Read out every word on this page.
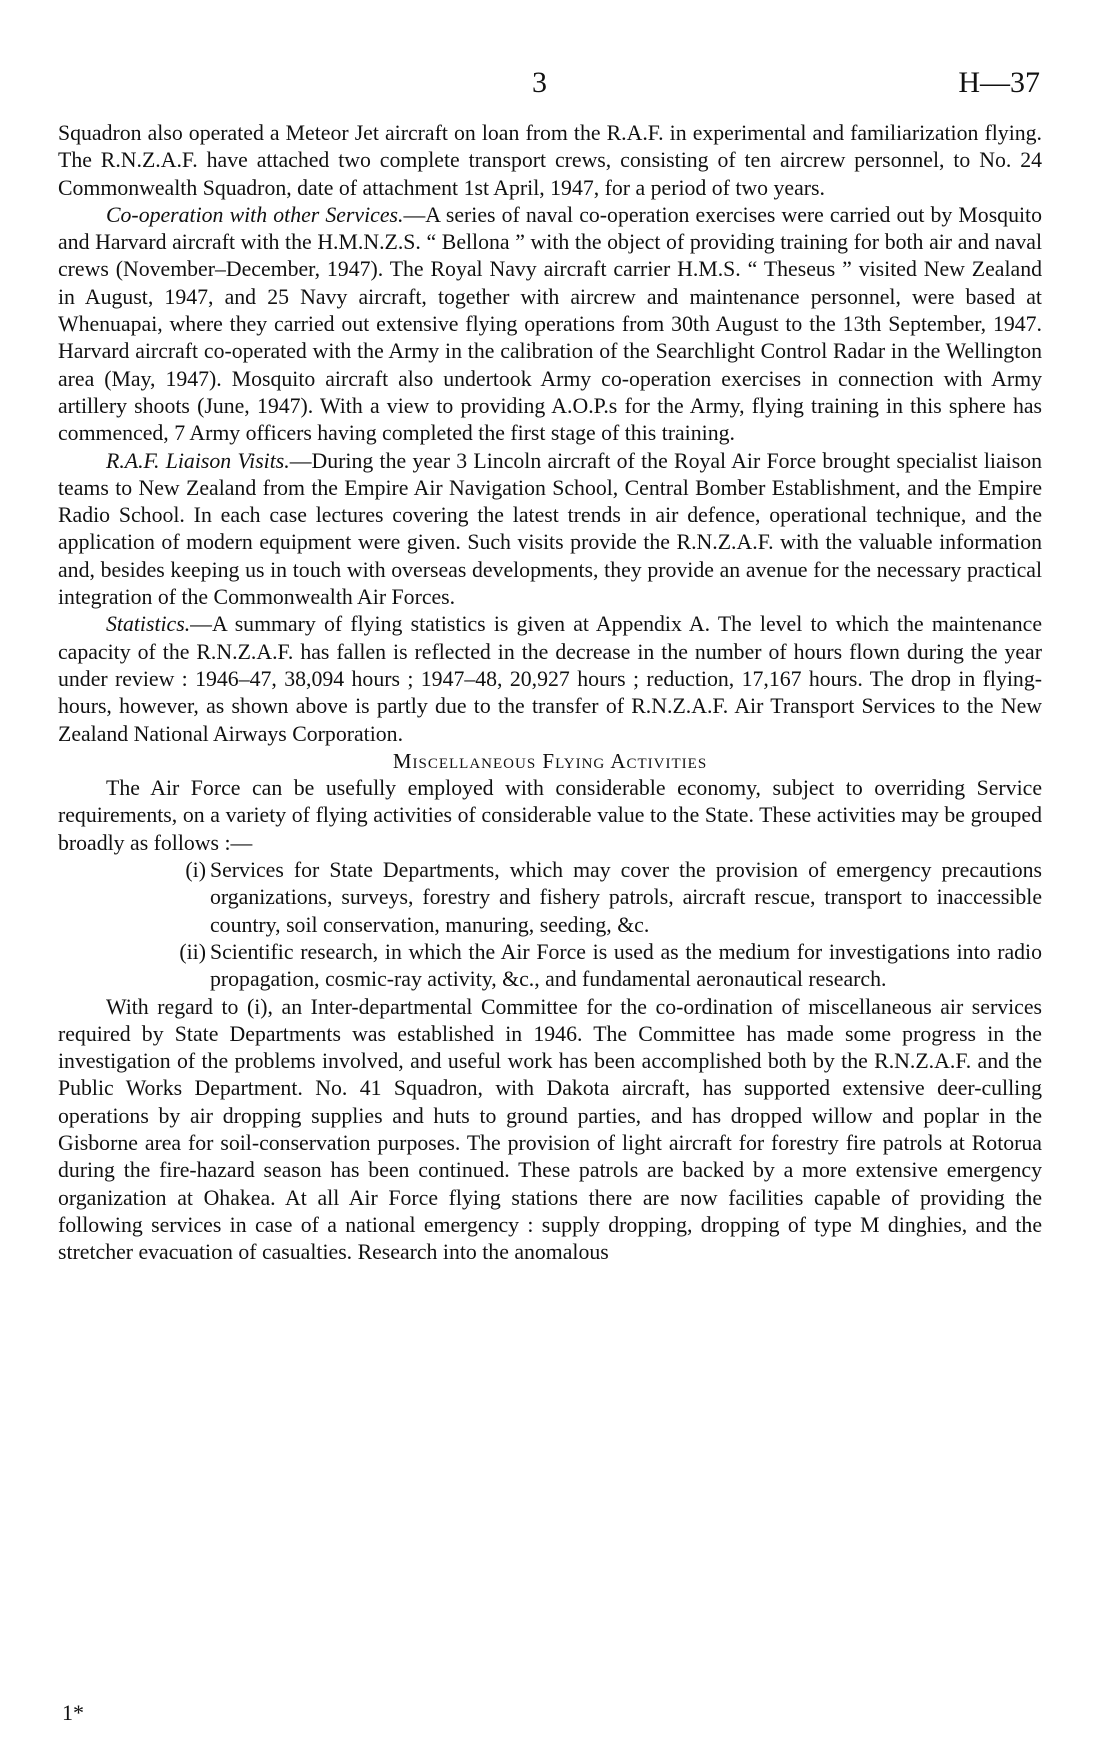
3	H—37

Squadron also operated a Meteor Jet aircraft on loan from the R.A.F. in experimental and familiarization flying. The R.N.Z.A.F. have attached two complete transport crews, consisting of ten aircrew personnel, to No. 24 Commonwealth Squadron, date of attachment 1st April, 1947, for a period of two years.

Co-operation with other Services.—A series of naval co-operation exercises were carried out by Mosquito and Harvard aircraft with the H.M.N.Z.S. “ Bellona ” with the object of providing training for both air and naval crews (November–December, 1947). The Royal Navy aircraft carrier H.M.S. “ Theseus ” visited New Zealand in August, 1947, and 25 Navy aircraft, together with aircrew and maintenance personnel, were based at Whenuapai, where they carried out extensive flying operations from 30th August to the 13th September, 1947. Harvard aircraft co-operated with the Army in the calibration of the Searchlight Control Radar in the Wellington area (May, 1947). Mosquito aircraft also undertook Army co-operation exercises in connection with Army artillery shoots (June, 1947). With a view to providing A.O.P.s for the Army, flying training in this sphere has commenced, 7 Army officers having completed the first stage of this training.

R.A.F. Liaison Visits.—During the year 3 Lincoln aircraft of the Royal Air Force brought specialist liaison teams to New Zealand from the Empire Air Navigation School, Central Bomber Establishment, and the Empire Radio School. In each case lectures covering the latest trends in air defence, operational technique, and the application of modern equipment were given. Such visits provide the R.N.Z.A.F. with the valuable information and, besides keeping us in touch with overseas developments, they provide an avenue for the necessary practical integration of the Commonwealth Air Forces.

Statistics.—A summary of flying statistics is given at Appendix A. The level to which the maintenance capacity of the R.N.Z.A.F. has fallen is reflected in the decrease in the number of hours flown during the year under review : 1946–47, 38,094 hours ; 1947–48, 20,927 hours ; reduction, 17,167 hours. The drop in flying-hours, however, as shown above is partly due to the transfer of R.N.Z.A.F. Air Transport Services to the New Zealand National Airways Corporation.

Miscellaneous Flying Activities

The Air Force can be usefully employed with considerable economy, subject to overriding Service requirements, on a variety of flying activities of considerable value to the State. These activities may be grouped broadly as follows :—

(i) Services for State Departments, which may cover the provision of emergency precautions organizations, surveys, forestry and fishery patrols, aircraft rescue, transport to inaccessible country, soil conservation, manuring, seeding, &c.

(ii) Scientific research, in which the Air Force is used as the medium for investigations into radio propagation, cosmic-ray activity, &c., and fundamental aeronautical research.

With regard to (i), an Inter-departmental Committee for the co-ordination of miscellaneous air services required by State Departments was established in 1946. The Committee has made some progress in the investigation of the problems involved, and useful work has been accomplished both by the R.N.Z.A.F. and the Public Works Department. No. 41 Squadron, with Dakota aircraft, has supported extensive deer-culling operations by air dropping supplies and huts to ground parties, and has dropped willow and poplar in the Gisborne area for soil-conservation purposes. The provision of light aircraft for forestry fire patrols at Rotorua during the fire-hazard season has been continued. These patrols are backed by a more extensive emergency organization at Ohakea. At all Air Force flying stations there are now facilities capable of providing the following services in case of a national emergency : supply dropping, dropping of type M dinghies, and the stretcher evacuation of casualties. Research into the anomalous

1*
